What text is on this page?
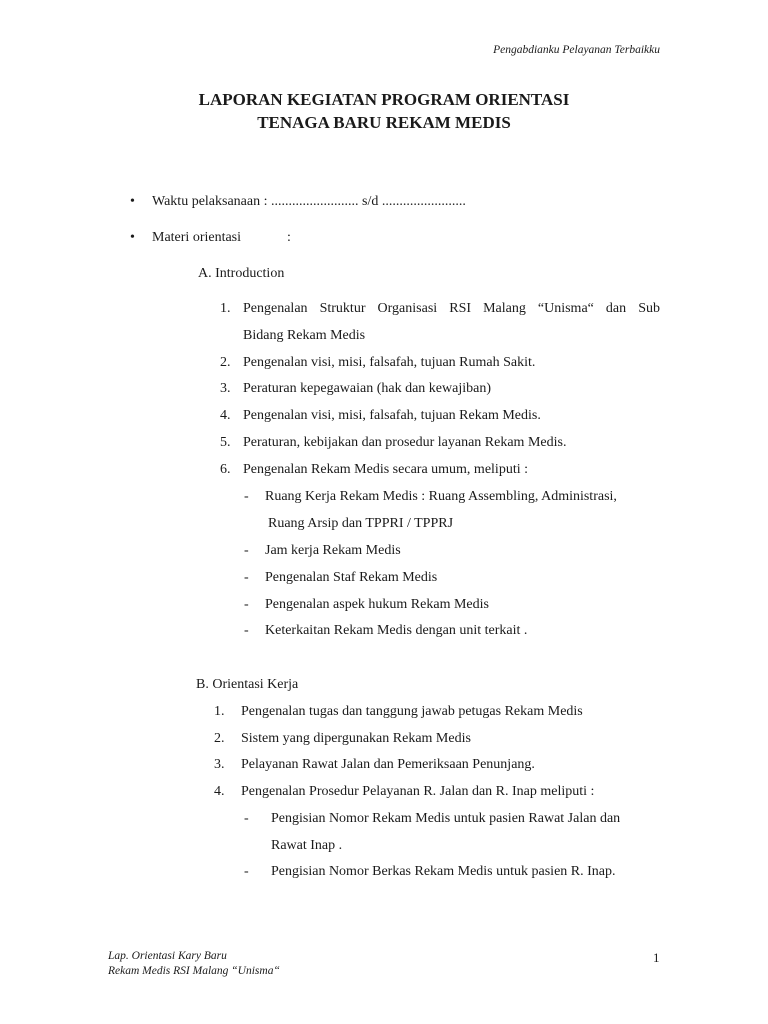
Pengabdianku Pelayanan Terbaikku
LAPORAN KEGIATAN PROGRAM ORIENTASI
TENAGA BARU REKAM MEDIS
• Waktu pelaksanaan : ......................... s/d ........................
• Materi orientasi	:
A. Introduction
1. Pengenalan Struktur Organisasi RSI Malang “Unisma“ dan Sub
Bidang Rekam Medis
2. Pengenalan visi, misi, falsafah, tujuan Rumah Sakit.
3. Peraturan kepegawaian (hak dan kewajiban)
4. Pengenalan visi, misi, falsafah, tujuan Rekam Medis.
5. Peraturan, kebijakan dan prosedur layanan Rekam Medis.
6. Pengenalan Rekam Medis secara umum, meliputi :
- Ruang Kerja Rekam Medis : Ruang Assembling, Administrasi,
Ruang Arsip dan TPPRI / TPPRJ
- Jam kerja Rekam Medis
- Pengenalan Staf Rekam Medis
- Pengenalan aspek hukum Rekam Medis
- Keterkaitan Rekam Medis dengan unit terkait .
B. Orientasi Kerja
1. Pengenalan tugas dan tanggung jawab petugas Rekam Medis
2. Sistem yang dipergunakan Rekam Medis
3. Pelayanan Rawat Jalan dan Pemeriksaan Penunjang.
4. Pengenalan Prosedur Pelayanan R. Jalan dan R. Inap meliputi :
- Pengisian Nomor Rekam Medis untuk pasien Rawat Jalan dan
Rawat Inap .
- Pengisian Nomor Berkas Rekam Medis untuk pasien R. Inap.
Lap. Orientasi Kary Baru
Rekam Medis RSI Malang “Unisma“
1
